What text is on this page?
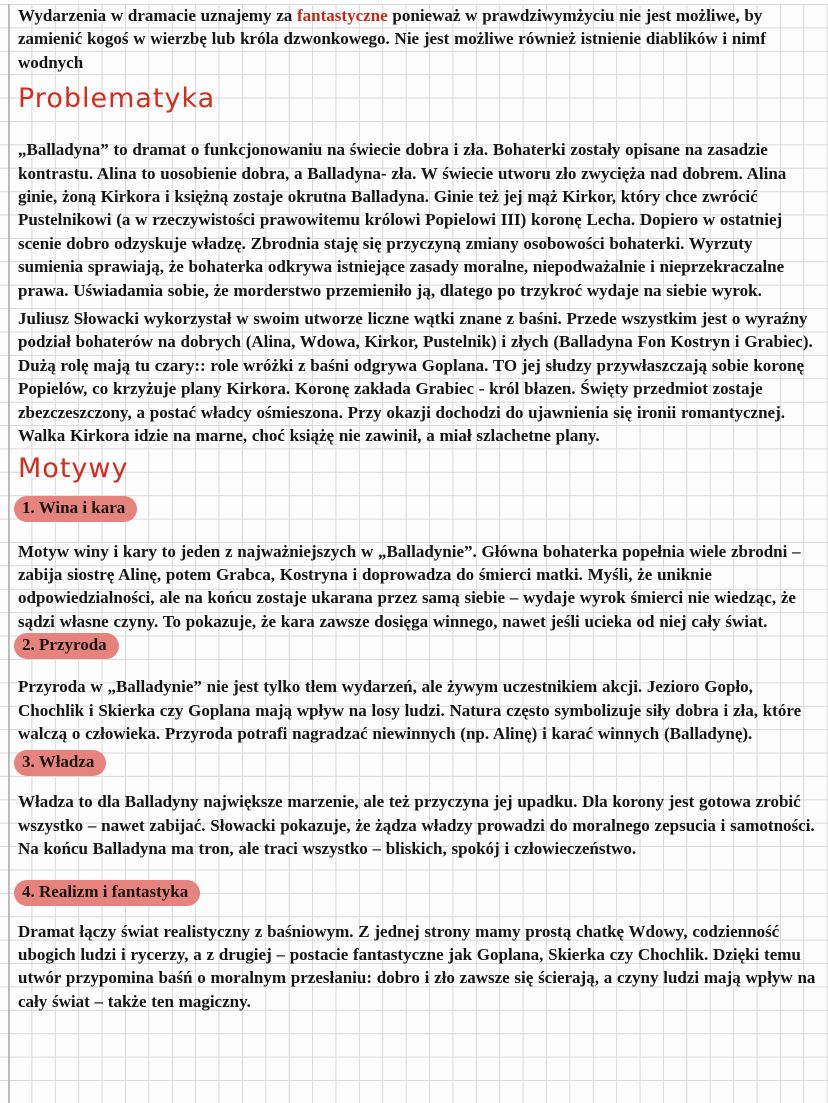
Wydarzenia w dramacie uznajemy za fantastyczne ponieważ w prawdziwymżyciu nie jest możliwe, by zamienić kogoś w wierzbę lub króla dzwonkowego. Nie jest możliwe również istnienie diablików i nimf wodnych

Problematyka

„Balladyna” to dramat o funkcjonowaniu na świecie dobra i zła. Bohaterki zostały opisane na zasadzie kontrastu. Alina to uosobienie dobra, a Balladyna- zła. W świecie utworu zło zwycięża nad dobrem. Alina ginie, żoną Kirkora i księżną zostaje okrutna Balladyna. Ginie też jej mąż Kirkor, który chce zwrócić Pustelnikowi (a w rzeczywistości prawowitemu królowi Popielowi III) koronę Lecha. Dopiero w ostatniej scenie dobro odzyskuje władzę. Zbrodnia staję się przyczyną zmiany osobowości bohaterki. Wyrzuty sumienia sprawiają, że bohaterka odkrywa istniejące zasady moralne, niepodważalnie i nieprzekraczalne prawa. Uświadamia sobie, że morderstwo przemieniło ją, dlatego po trzykroć wydaje na siebie wyrok.

Juliusz Słowacki wykorzystał w swoim utworze liczne wątki znane z baśni. Przede wszystkim jest o wyraźny podział bohaterów na dobrych (Alina, Wdowa, Kirkor, Pustelnik) i złych (Balladyna Fon Kostryn i Grabiec). Dużą rolę mają tu czary:: role wróżki z baśni odgrywa Goplana. TO jej słudzy przywłaszczają sobie koronę Popielów, co krzyżuje plany Kirkora. Koronę zakłada Grabiec - król błazen. Święty przedmiot zostaje zbezczeszczony, a postać władcy ośmieszona. Przy okazji dochodzi do ujawnienia się ironii romantycznej. Walka Kirkora idzie na marne, choć książę nie zawinił, a miał szlachetne plany.

Motywy
1. Wina i kara

Motyw winy i kary to jeden z najważniejszych w „Balladynie”. Główna bohaterka popełnia wiele zbrodni – zabija siostrę Alinę, potem Grabca, Kostryna i doprowadza do śmierci matki. Myśli, że uniknie odpowiedzialności, ale na końcu zostaje ukarana przez samą siebie – wydaje wyrok śmierci nie wiedząc, że sądzi własne czyny. To pokazuje, że kara zawsze dosięga winnego, nawet jeśli ucieka od niej cały świat.

2. Przyroda

Przyroda w „Balladynie” nie jest tylko tłem wydarzeń, ale żywym uczestnikiem akcji. Jezioro Gopło, Chochlik i Skierka czy Goplana mają wpływ na losy ludzi. Natura często symbolizuje siły dobra i zła, które walczą o człowieka. Przyroda potrafi nagradzać niewinnych (np. Alinę) i karać winnych (Balladynę).

3. Władza

Władza to dla Balladyny największe marzenie, ale też przyczyna jej upadku. Dla korony jest gotowa zrobić wszystko – nawet zabijać. Słowacki pokazuje, że żądza władzy prowadzi do moralnego zepsucia i samotności. Na końcu Balladyna ma tron, ale traci wszystko – bliskich, spokój i człowieczeństwo.

4. Realizm i fantastyka

Dramat łączy świat realistyczny z baśniowym. Z jednej strony mamy prostą chatkę Wdowy, codzienność ubogich ludzi i rycerzy, a z drugiej – postacie fantastyczne jak Goplana, Skierka czy Chochlik. Dzięki temu utwór przypomina baśń o moralnym przesłaniu: dobro i zło zawsze się ścierają, a czyny ludzi mają wpływ na cały świat – także ten magiczny.
